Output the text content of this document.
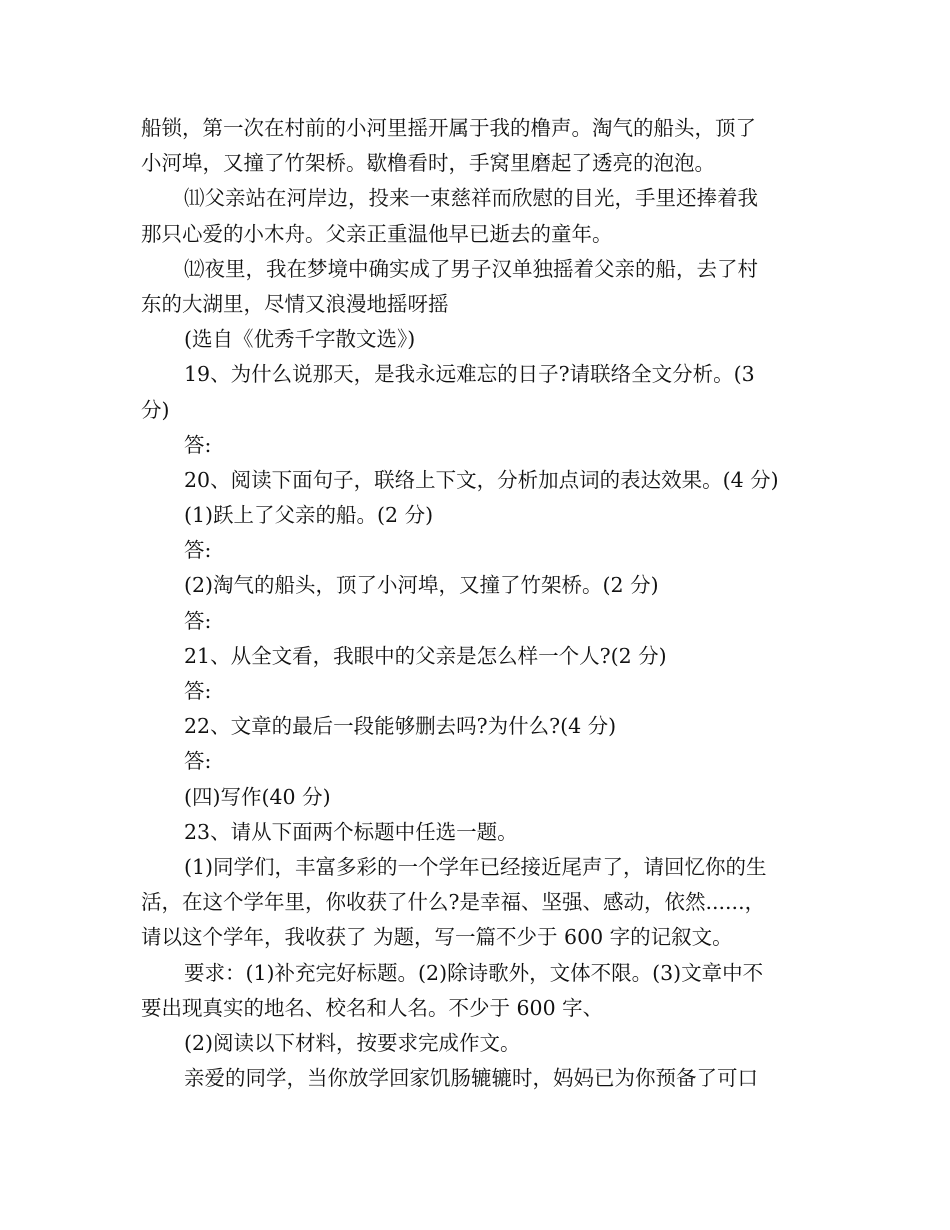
船锁，第一次在村前的小河里摇开属于我的橹声。淘气的船头，顶了
小河埠，又撞了竹架桥。歇橹看时，手窝里磨起了透亮的泡泡。
⑾父亲站在河岸边，投来一束慈祥而欣慰的目光，手里还捧着我
那只心爱的小木舟。父亲正重温他早已逝去的童年。
⑿夜里，我在梦境中确实成了男子汉单独摇着父亲的船，去了村
东的大湖里，尽情又浪漫地摇呀摇
(选自《优秀千字散文选》)
19、为什么说那天，是我永远难忘的日子?请联络全文分析。(3
分)
答:
20、阅读下面句子，联络上下文，分析加点词的表达效果。(4 分)
(1)跃上了父亲的船。(2 分)
答:
(2)淘气的船头，顶了小河埠，又撞了竹架桥。(2 分)
答:
21、从全文看，我眼中的父亲是怎么样一个人?(2 分)
答:
22、文章的最后一段能够删去吗?为什么?(4 分)
答:
(四)写作(40 分)
23、请从下面两个标题中任选一题。
(1)同学们，丰富多彩的一个学年已经接近尾声了，请回忆你的生
活，在这个学年里，你收获了什么?是幸福、坚强、感动，依然......，
请以这个学年，我收获了 为题，写一篇不少于 600 字的记叙文。
要求：(1)补充完好标题。(2)除诗歌外，文体不限。(3)文章中不
要出现真实的地名、校名和人名。不少于 600 字、
(2)阅读以下材料，按要求完成作文。
亲爱的同学，当你放学回家饥肠辘辘时，妈妈已为你预备了可口
